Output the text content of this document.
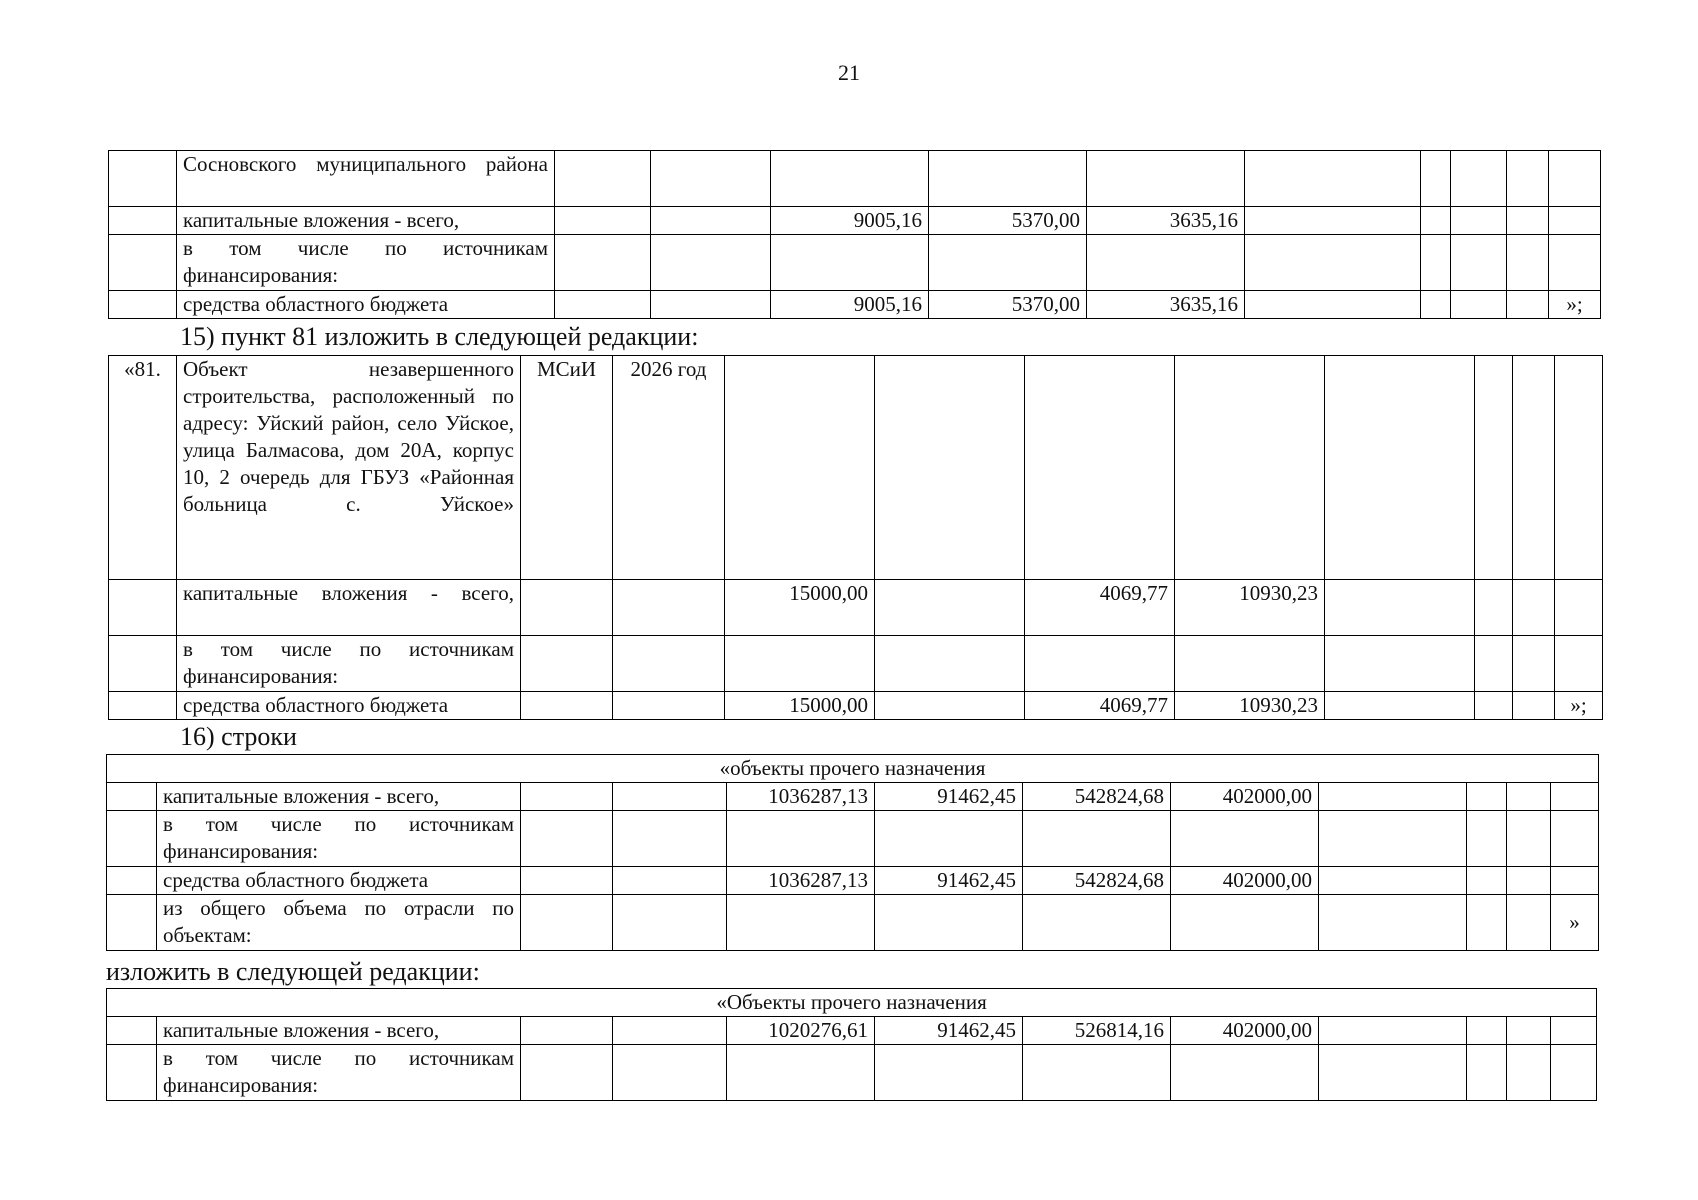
21
	Сосновского муниципального района										
	капитальные вложения - всего,			9005,16	5370,00	3635,16					
	в том числе по источникам финансирования:										
	средства областного бюджета			9005,16	5370,00	3635,16					»;
15) пункт 81 изложить в следующей редакции:
«81.	Объект незавершенного строительства, расположенный по адресу: Уйский район, село Уйское, улица Балмасова, дом 20А, корпус 10, 2 очередь для ГБУЗ «Районная больница с. Уйское»	МСиИ	2026 год								
	капитальные вложения - всего,			15000,00		4069,77	10930,23				
	в том числе по источникам финансирования:										
	средства областного бюджета			15000,00		4069,77	10930,23				»;
16) строки
«объекты прочего назначения											
	капитальные вложения - всего,			1036287,13	91462,45	542824,68	402000,00				
	в том числе по источникам финансирования:										
	средства областного бюджета			1036287,13	91462,45	542824,68	402000,00				
	из общего объема по отрасли по объектам:										»
изложить в следующей редакции:
«Объекты прочего назначения											
	капитальные вложения - всего,			1020276,61	91462,45	526814,16	402000,00				
	в том числе по источникам финансирования:										
